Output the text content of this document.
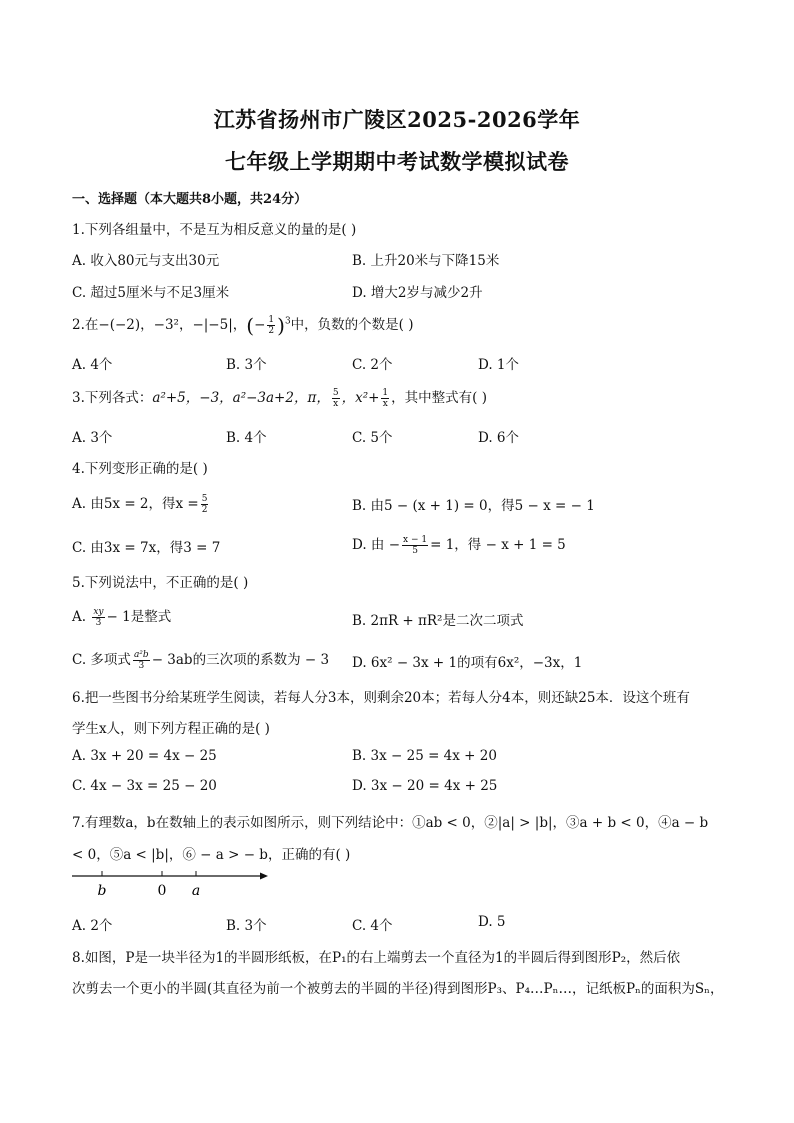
江苏省扬州市广陵区2025-2026学年
七年级上学期期中考试数学模拟试卷
一、选择题（本大题共8小题，共24分）
1.下列各组量中，不是互为相反意义的量的是( )
A. 收入80元与支出30元	B. 上升20米与下降15米
C. 超过5厘米与不足3厘米	D. 增大2岁与减少2升
2.在−(−2)，−3²，−|−5|，(− $\frac{1}{2} )^3$中，负数的个数是( )
A. 4个	B. 3个	C. 2个	D. 1个
3.下列各式：a²+5，−3，a²−3a+2，π， $\frac{5}{x}$ ，$x^2+ \frac{1}{x}$ ，其中整式有( )
A. 3个	B. 4个	C. 5个	D. 6个
4.下列变形正确的是( )
A. 由5x = 2，得$x = \frac{5}{2}$	B. 由5 − (x + 1) = 0，得5 − x = − 1
C. 由3x = 7x，得3 = 7	D. 由 − $\frac{x - 1}{5} = 1$，得 − x + 1 = 5
5.下列说法中，不正确的是( )
A. $\frac{xy}{3} - 1$是整式	B. 2πR + πR²是二次二项式
C. 多项式 $\frac{\text{a²b}}{3} - 3ab$的三次项的系数为 − 3 D. 6x² − 3x + 1的项有6x²，−3x，1
6.把一些图书分给某班学生阅读，若每人分3本，则剩余20本；若每人分4本，则还缺25本．设这个班有
学生x人，则下列方程正确的是( )
A. 3x + 20 = 4x − 25	B. 3x − 25 = 4x + 20
C. 4x − 3x = 25 − 20	D. 3x − 20 = 4x + 25
7.有理数a，b在数轴上的表示如图所示，则下列结论中：①ab < 0，②|a| > |b|，③a + b < 0，④a − b
< 0，⑤a < |b|，⑥ − a > − b，正确的有( )
b	0 a
A. 2个	B. 3个	C. 4个	D. 5
8.如图，P是一块半径为1的半圆形纸板，在P₁的右上端剪去一个直径为1的半圆后得到图形P₂，然后依
次剪去一个更小的半圆(其直径为前一个被剪去的半圆的半径)得到图形P₃、P₄…Pₙ…，记纸板Pₙ的面积为Sₙ，
